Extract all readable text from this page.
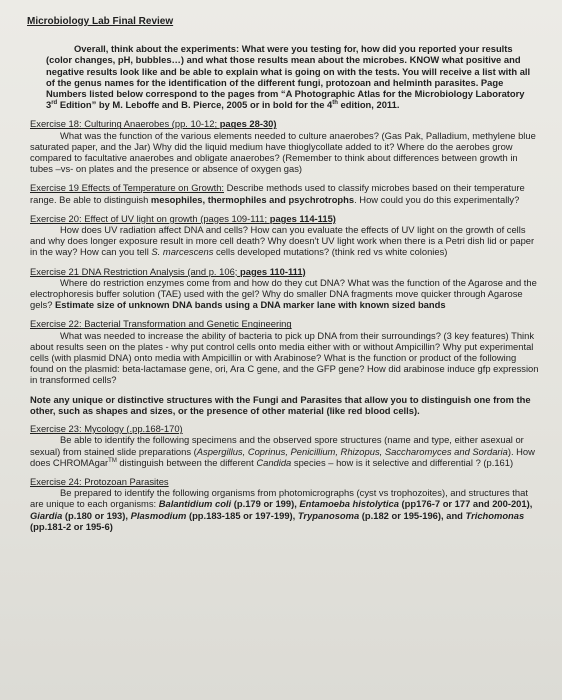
Microbiology Lab Final Review
Overall, think about the experiments: What were you testing for, how did you reported your results (color changes, pH, bubbles…) and what those results mean about the microbes. KNOW what positive and negative results look like and be able to explain what is going on with the tests. You will receive a list with all of the genus names for the identification of the different fungi, protozoan and helminth parasites. Page Numbers listed below correspond to the pages from “A Photographic Atlas for the Microbiology Laboratory 3rd Edition” by M. Leboffe and B. Pierce, 2005 or in bold for the 4th edition, 2011.
Exercise 18: Culturing Anaerobes (pp. 10-12; pages 28-30)
What was the function of the various elements needed to culture anaerobes? (Gas Pak, Palladium, methylene blue saturated paper, and the Jar) Why did the liquid medium have thioglycollate added to it? Where do the aerobes grow compared to facultative anaerobes and obligate anaerobes? (Remember to think about differences between growth in tubes –vs- on plates and the presence or absence of oxygen gas)
Exercise 19 Effects of Temperature on Growth: Describe methods used to classify microbes based on their temperature range. Be able to distinguish mesophiles, thermophiles and psychrotrophs. How could you do this experimentally?
Exercise 20: Effect of UV light on growth (pages 109-111; pages 114-115)
How does UV radiation affect DNA and cells? How can you evaluate the effects of UV light on the growth of cells and why does longer exposure result in more cell death? Why doesn't UV light work when there is a Petri dish lid or paper in the way? How can you tell S. marcescens cells developed mutations? (think red vs white colonies)
Exercise 21 DNA Restriction Analysis (and p. 106; pages 110-111)
Where do restriction enzymes come from and how do they cut DNA? What was the function of the Agarose and the electrophoresis buffer solution (TAE) used with the gel? Why do smaller DNA fragments move quicker through Agarose gels? Estimate size of unknown DNA bands using a DNA marker lane with known sized bands
Exercise 22: Bacterial Transformation and Genetic Engineering
What was needed to increase the ability of bacteria to pick up DNA from their surroundings? (3 key features) Think about results seen on the plates - why put control cells onto media either with or without Ampicillin? Why put experimental cells (with plasmid DNA) onto media with Ampicillin or with Arabinose? What is the function or product of the following found on the plasmid: beta-lactamase gene, ori, Ara C gene, and the GFP gene? How did arabinose induce gfp expression in transformed cells?
Note any unique or distinctive structures with the Fungi and Parasites that allow you to distinguish one from the other, such as shapes and sizes, or the presence of other material (like red blood cells).
Exercise 23: Mycology (.pp.168-170)
Be able to identify the following specimens and the observed spore structures (name and type, either asexual or sexual) from stained slide preparations (Aspergillus, Coprinus, Penicillium, Rhizopus, Saccharomyces and Sordaria). How does CHROMAgar™ distinguish between the different Candida species – how is it selective and differential ? (p.161)
Exercise 24: Protozoan Parasites
Be prepared to identify the following organisms from photomicrographs (cyst vs trophozoites), and structures that are unique to each organisms: Balantidium coli (p.179 or 199), Entamoeba histolytica (pp176-7 or 177 and 200-201), Giardia (p.180 or 193), Plasmodium (pp.183-185 or 197-199), Trypanosoma (p.182 or 195-196), and Trichomonas (pp.181-2 or 195-6)
